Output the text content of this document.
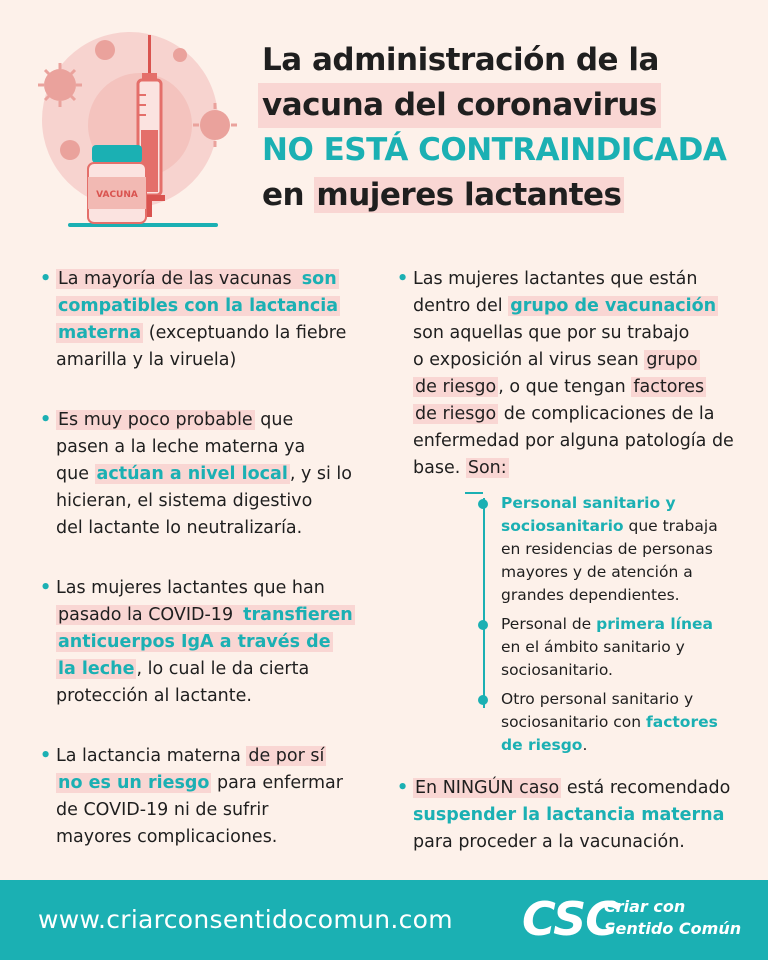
VACUNA
La administración de la
vacuna del coronavirus
NO ESTÁ CONTRAINDICADA
en mujeres lactantes
• La mayoría de las vacunas son
compatibles con la lactancia
materna (exceptuando la fiebre
amarilla y la viruela)
• Es muy poco probable que
pasen a la leche materna ya
que actúan a nivel local , y si lo
hicieran, el sistema digestivo
del lactante lo neutralizaría.
• Las mujeres lactantes que han
pasado la COVID-19 transfieren
anticuerpos IgA a través de
la leche , lo cual le da cierta
protección al lactante.
• La lactancia materna de por sí
no es un riesgo para enfermar
de COVID-19 ni de sufrir
mayores complicaciones.
• Las mujeres lactantes que están
dentro del grupo de vacunación
son aquellas que por su trabajo
o exposición al virus sean grupo
de riesgo , o que tengan factores
de riesgo de complicaciones de la
enfermedad por alguna patología de
base. Son:
Personal sanitario y
sociosanitario que trabaja
en residencias de personas
mayores y de atención a
grandes dependientes.
Personal de primera línea
en el ámbito sanitario y
sociosanitario.
Otro personal sanitario y
sociosanitario con factores
de riesgo.
• En NINGÚN caso está recomendado
suspender la lactancia materna
para proceder a la vacunación.
www.criarconsentidocomun.com CSC
Criar con
Sentido Común
